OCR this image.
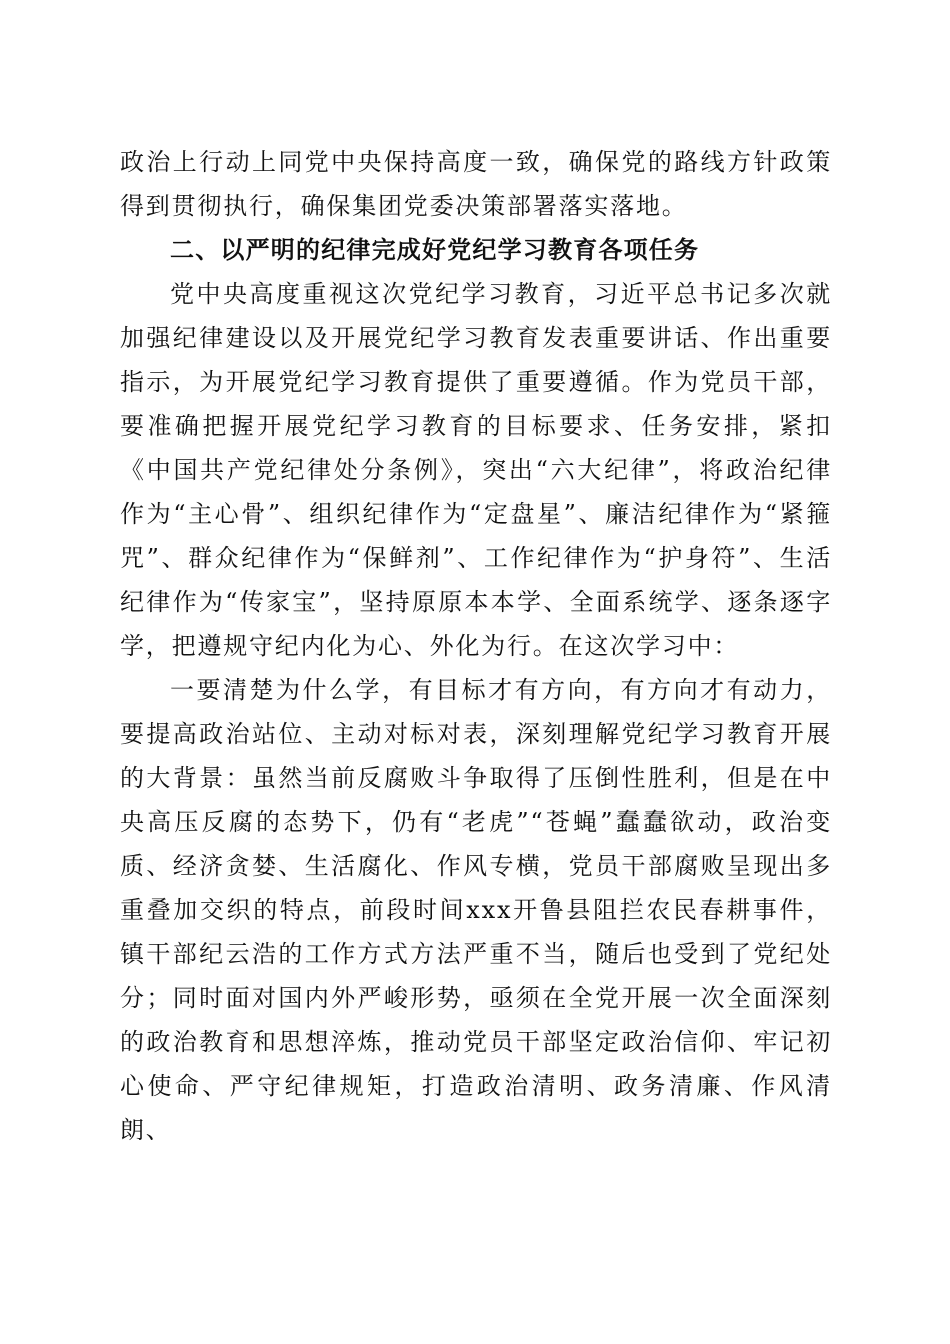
政治上行动上同党中央保持高度一致，确保党的路线方针政策得到贯彻执行，确保集团党委决策部署落实落地。

二、以严明的纪律完成好党纪学习教育各项任务

党中央高度重视这次党纪学习教育，习近平总书记多次就加强纪律建设以及开展党纪学习教育发表重要讲话、作出重要指示，为开展党纪学习教育提供了重要遵循。作为党员干部，要准确把握开展党纪学习教育的目标要求、任务安排，紧扣《中国共产党纪律处分条例》，突出“六大纪律”，将政治纪律作为“主心骨”、组织纪律作为“定盘星”、廉洁纪律作为“紧箍咒”、群众纪律作为“保鲜剂”、工作纪律作为“护身符”、生活纪律作为“传家宝”，坚持原原本本学、全面系统学、逐条逐字学，把遵规守纪内化为心、外化为行。在这次学习中：

一要清楚为什么学，有目标才有方向，有方向才有动力，要提高政治站位、主动对标对表，深刻理解党纪学习教育开展的大背景：虽然当前反腐败斗争取得了压倒性胜利，但是在中央高压反腐的态势下，仍有“老虎”“苍蝇”蠢蠢欲动，政治变质、经济贪婪、生活腐化、作风专横，党员干部腐败呈现出多重叠加交织的特点，前段时间xxx开鲁县阻拦农民春耕事件，镇干部纪云浩的工作方式方法严重不当，随后也受到了党纪处分；同时面对国内外严峻形势，亟须在全党开展一次全面深刻的政治教育和思想淬炼，推动党员干部坚定政治信仰、牢记初心使命、严守纪律规矩，打造政治清明、政务清廉、作风清朗、
